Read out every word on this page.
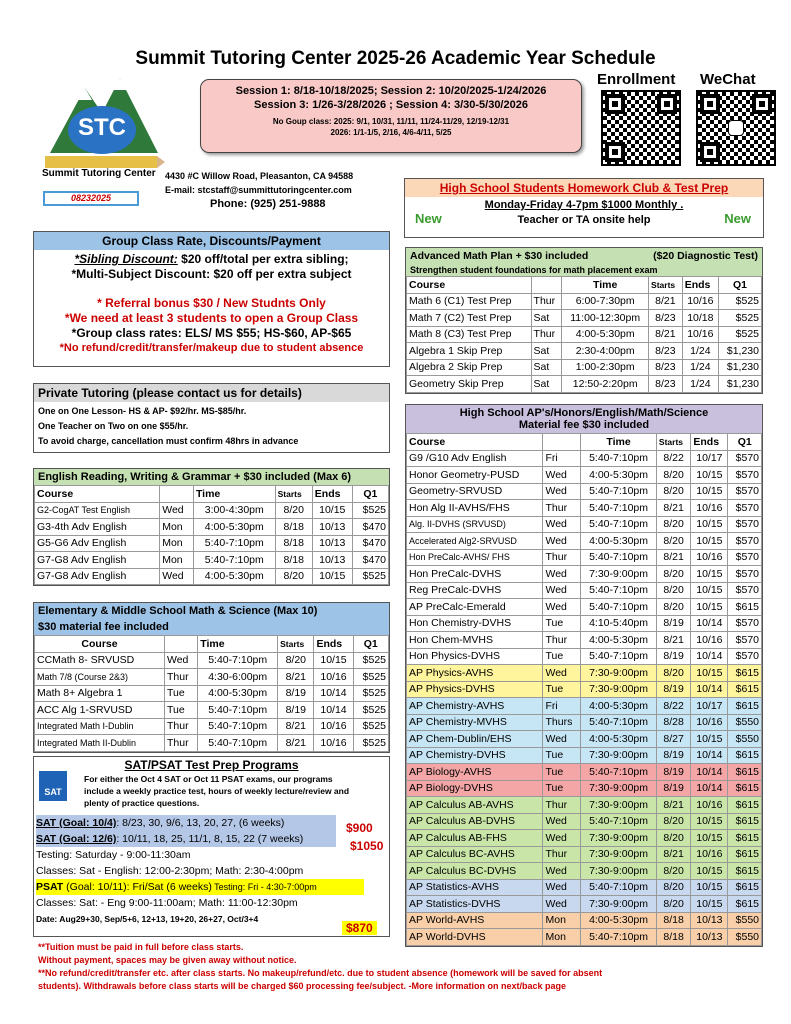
Summit Tutoring Center 2025-26 Academic Year Schedule
STC
Summit Tutoring Center
Session 1: 8/18-10/18/2025; Session 2: 10/20/2025-1/24/2026
Session 3: 1/26-3/28/2026 ; Session 4: 3/30-5/30/2026
No Goup class: 2025: 9/1, 10/31, 11/11, 11/24-11/29, 12/19-12/31
2026: 1/1-1/5, 2/16, 4/6-4/11, 5/25
Enrollment WeChat
4430 #C Willow Road, Pleasanton, CA 94588
E-mail: stcstaff@summittutoringcenter.com
Phone: (925) 251-9888
08232025
High School Students Homework Club & Test Prep
Monday-Friday 4-7pm $1000 Monthly .
Teacher or TA onsite help
New	New
Group Class Rate, Discounts/Payment
*Sibling Discount: $20 off/total per extra sibling;
*Multi-Subject Discount: $20 off per extra subject
* Referral bonus $30 / New Studnts Only
*We need at least 3 students to open a Group Class
*Group class rates: ELS/ MS $55; HS-$60, AP-$65
*No refund/credit/transfer/makeup due to student absence
Private Tutoring (please contact us for details)
One on One Lesson- HS & AP- $92/hr. MS-$85/hr.
One Teacher on Two on one $55/hr.
To avoid charge, cancellation must confirm 48hrs in advance
English Reading, Writing & Grammar + $30 included (Max 6)
Course		Time	Starts	Ends	Q1
G2-CogAT Test English	Wed	3:00-4:30pm	8/20	10/15	$525
G3-4th Adv English	Mon	4:00-5:30pm	8/18	10/13	$470
G5-G6 Adv English	Mon	5:40-7:10pm	8/18	10/13	$470
G7-G8 Adv English	Mon	5:40-7:10pm	8/18	10/13	$470
G7-G8 Adv English	Wed	4:00-5:30pm	8/20	10/15	$525
Elementary & Middle School Math & Science (Max 10)
$30 material fee included
Course		Time	Starts	Ends	Q1
CCMath 8- SRVUSD	Wed	5:40-7:10pm	8/20	10/15	$525
Math 7/8 (Course 2&3)	Thur	4:30-6:00pm	8/21	10/16	$525
Math 8+ Algebra 1	Tue	4:00-5:30pm	8/19	10/14	$525
ACC Alg 1-SRVUSD	Tue	5:40-7:10pm	8/19	10/14	$525
Integrated Math I-Dublin	Thur	5:40-7:10pm	8/21	10/16	$525
Integrated Math II-Dublin	Thur	5:40-7:10pm	8/21	10/16	$525
SAT/PSAT Test Prep Programs
SAT
For either the Oct 4 SAT or Oct 11 PSAT exams, our programs
include a weekly practice test, hours of weekly lecture/review and
plenty of practice questions.
SAT (Goal: 10/4): 8/23, 30, 9/6, 13, 20, 27, (6 weeks)
SAT (Goal: 12/6): 10/11, 18, 25, 11/1, 8, 15, 22 (7 weeks)
Testing: Saturday - 9:00-11:30am
Classes: Sat - English: 12:00-2:30pm; Math: 2:30-4:00pm
PSAT (Goal: 10/11): Fri/Sat (6 weeks) Testing: Fri - 4:30-7:00pm
Classes: Sat: - Eng 9:00-11:00am; Math: 11:00-12:30pm
Date: Aug29+30, Sep/5+6, 12+13, 19+20, 26+27, Oct/3+4
$900
$1050
$870
Advanced Math Plan + $30 included	($20 Diagnostic Test)
Strengthen student foundations for math placement exam
Course		Time	Starts	Ends	Q1
Math 6 (C1) Test Prep	Thur	6:00-7:30pm	8/21	10/16	$525
Math 7 (C2) Test Prep	Sat	11:00-12:30pm	8/23	10/18	$525
Math 8 (C3) Test Prep	Thur	4:00-5:30pm	8/21	10/16	$525
Algebra 1 Skip Prep	Sat	2:30-4:00pm	8/23	1/24	$1,230
Algebra 2 Skip Prep	Sat	1:00-2:30pm	8/23	1/24	$1,230
Geometry Skip Prep	Sat	12:50-2:20pm	8/23	1/24	$1,230
High School AP's/Honors/English/Math/Science
Material fee $30 included
Course		Time	Starts	Ends	Q1
G9 /G10 Adv English	Fri	5:40-7:10pm	8/22	10/17	$570
Honor Geometry-PUSD	Wed	4:00-5:30pm	8/20	10/15	$570
Geometry-SRVUSD	Wed	5:40-7:10pm	8/20	10/15	$570
Hon Alg II-AVHS/FHS	Thur	5:40-7:10pm	8/21	10/16	$570
Alg. II-DVHS (SRVUSD)	Wed	5:40-7:10pm	8/20	10/15	$570
Accelerated Alg2-SRVUSD	Wed	4:00-5:30pm	8/20	10/15	$570
Hon PreCalc-AVHS/ FHS	Thur	5:40-7:10pm	8/21	10/16	$570
Hon PreCalc-DVHS	Wed	7:30-9:00pm	8/20	10/15	$570
Reg PreCalc-DVHS	Wed	5:40-7:10pm	8/20	10/15	$570
AP PreCalc-Emerald	Wed	5:40-7:10pm	8/20	10/15	$615
Hon Chemistry-DVHS	Tue	4:10-5:40pm	8/19	10/14	$570
Hon Chem-MVHS	Thur	4:00-5:30pm	8/21	10/16	$570
Hon Physics-DVHS	Tue	5:40-7:10pm	8/19	10/14	$570
AP Physics-AVHS	Wed	7:30-9:00pm	8/20	10/15	$615
AP Physics-DVHS	Tue	7:30-9:00pm	8/19	10/14	$615
AP Chemistry-AVHS	Fri	4:00-5:30pm	8/22	10/17	$615
AP Chemistry-MVHS	Thurs	5:40-7:10pm	8/28	10/16	$550
AP Chem-Dublin/EHS	Wed	4:00-5:30pm	8/27	10/15	$550
AP Chemistry-DVHS	Tue	7:30-9:00pm	8/19	10/14	$615
AP Biology-AVHS	Tue	5:40-7:10pm	8/19	10/14	$615
AP Biology-DVHS	Tue	7:30-9:00pm	8/19	10/14	$615
AP Calculus AB-AVHS	Thur	7:30-9:00pm	8/21	10/16	$615
AP Calculus AB-DVHS	Wed	5:40-7:10pm	8/20	10/15	$615
AP Calculus AB-FHS	Wed	7:30-9:00pm	8/20	10/15	$615
AP Calculus BC-AVHS	Thur	7:30-9:00pm	8/21	10/16	$615
AP Calculus BC-DVHS	Wed	7:30-9:00pm	8/20	10/15	$615
AP Statistics-AVHS	Wed	5:40-7:10pm	8/20	10/15	$615
AP Statistics-DVHS	Wed	7:30-9:00pm	8/20	10/15	$615
AP World-AVHS	Mon	4:00-5:30pm	8/18	10/13	$550
AP World-DVHS	Mon	5:40-7:10pm	8/18	10/13	$550
**Tuition must be paid in full before class starts.
Without payment, spaces may be given away without notice.
**No refund/credit/transfer etc. after class starts. No makeup/refund/etc. due to student absence (homework will be saved for absent
students). Withdrawals before class starts will be charged $60 processing fee/subject. -More information on next/back page
